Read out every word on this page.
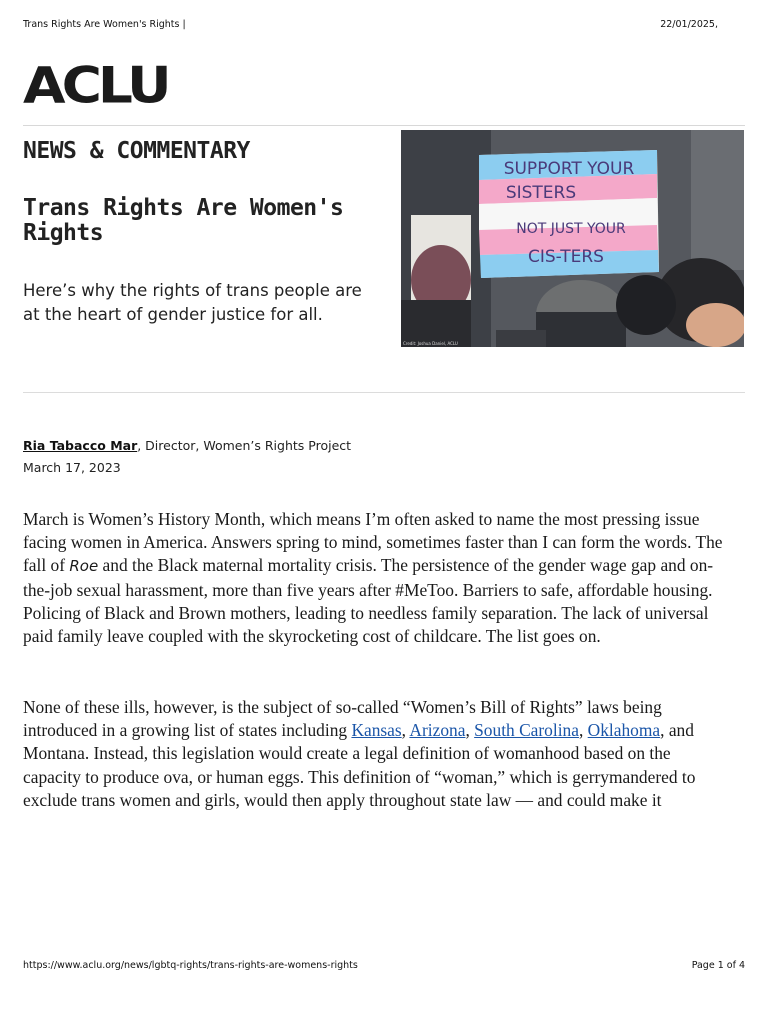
Trans Rights Are Women's Rights |	22/01/2025,
ACLU
NEWS & COMMENTARY
Trans Rights Are Women's Rights

Here’s why the rights of trans people are at the heart of gender justice for all.

SUPPORT YOUR
SISTERS
NOT JUST YOUR
CIS-TERS
Credit: Joshua Daniel, ACLU
Ria Tabacco Mar, Director, Women’s Rights Project
March 17, 2023

March is Women’s History Month, which means I’m often asked to name the most pressing issue facing women in America. Answers spring to mind, sometimes faster than I can form the words. The fall of Roe and the Black maternal mortality crisis. The persistence of the gender wage gap and on-the-job sexual harassment, more than five years after #MeToo. Barriers to safe, affordable housing. Policing of Black and Brown mothers, leading to needless family separation. The lack of universal paid family leave coupled with the skyrocketing cost of childcare. The list goes on.

None of these ills, however, is the subject of so-called “Women’s Bill of Rights” laws being introduced in a growing list of states including Kansas, Arizona, South Carolina, Oklahoma, and Montana. Instead, this legislation would create a legal definition of womanhood based on the capacity to produce ova, or human eggs. This definition of “woman,” which is gerrymandered to exclude trans women and girls, would then apply throughout state law — and could make it

https://www.aclu.org/news/lgbtq-rights/trans-rights-are-womens-rights	Page 1 of 4
